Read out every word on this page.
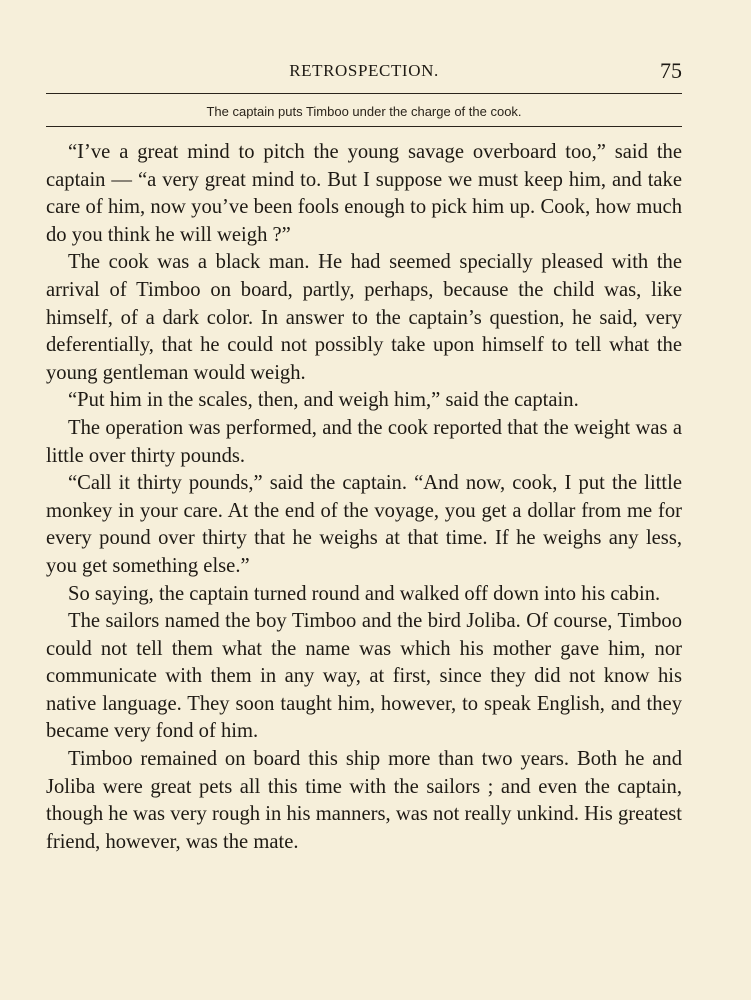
RETROSPECTION.	75
The captain puts Timboo under the charge of the cook.

“I’ve a great mind to pitch the young savage overboard too,” said the captain — “a very great mind to. But I suppose we must keep him, and take care of him, now you’ve been fools enough to pick him up. Cook, how much do you think he will weigh ?”

The cook was a black man. He had seemed specially pleased with the arrival of Timboo on board, partly, perhaps, because the child was, like himself, of a dark color. In answer to the captain’s question, he said, very deferentially, that he could not possibly take upon himself to tell what the young gentleman would weigh.

“Put him in the scales, then, and weigh him,” said the captain.

The operation was performed, and the cook reported that the weight was a little over thirty pounds.

“Call it thirty pounds,” said the captain. “And now, cook, I put the little monkey in your care. At the end of the voyage, you get a dollar from me for every pound over thirty that he weighs at that time. If he weighs any less, you get something else.”

So saying, the captain turned round and walked off down into his cabin.

The sailors named the boy Timboo and the bird Joliba. Of course, Timboo could not tell them what the name was which his mother gave him, nor communicate with them in any way, at first, since they did not know his native language. They soon taught him, however, to speak English, and they became very fond of him.

Timboo remained on board this ship more than two years. Both he and Joliba were great pets all this time with the sailors ; and even the captain, though he was very rough in his manners, was not really unkind. His greatest friend, however, was the mate.
